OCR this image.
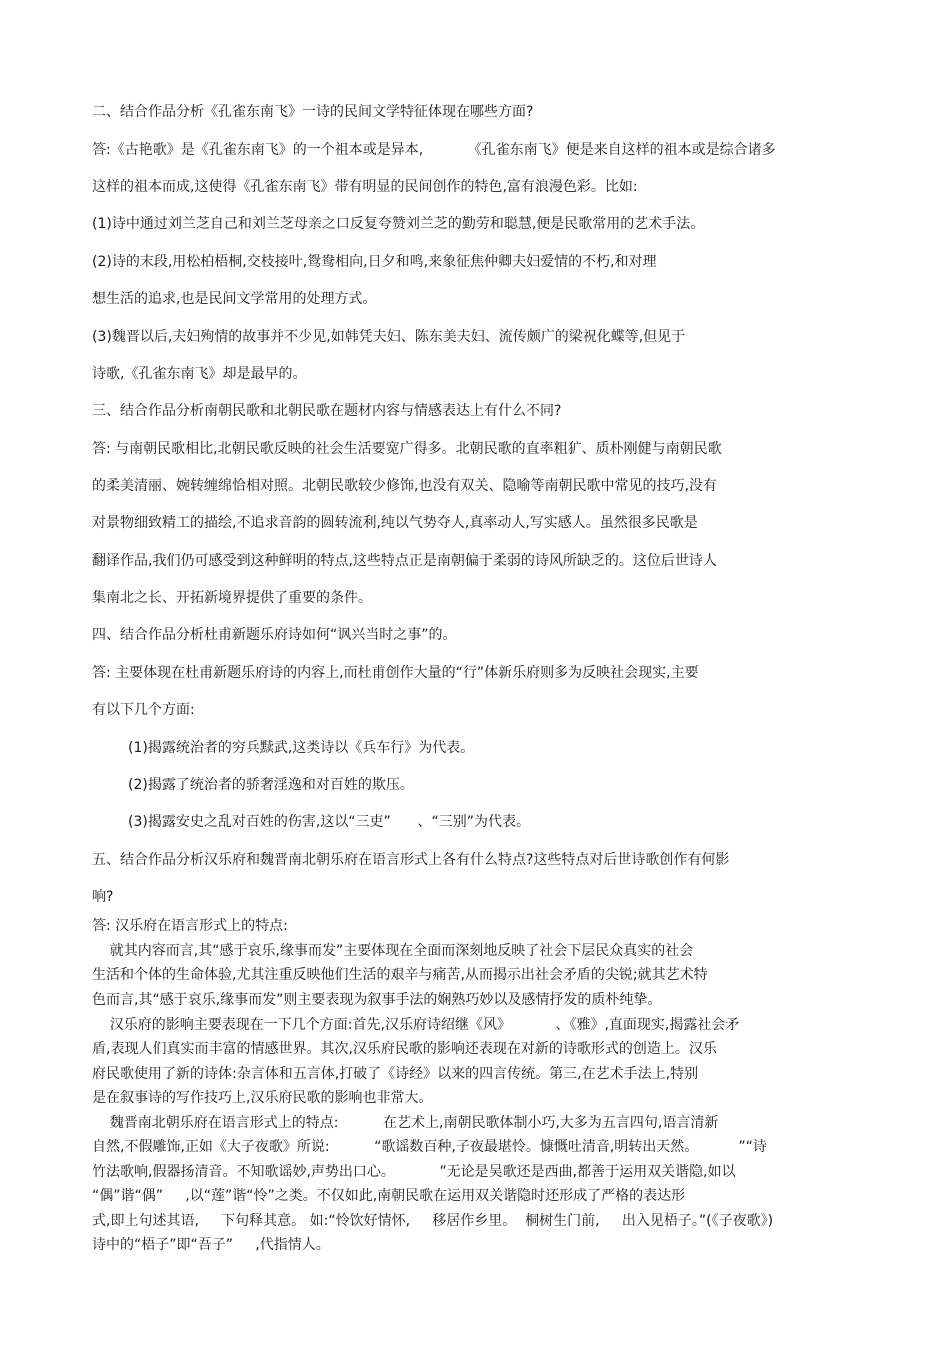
二、结合作品分析《孔雀东南飞》一诗的民间文学特征体现在哪些方面?
答:《古艳歌》是《孔雀东南飞》的一个祖本或是异本,          《孔雀东南飞》便是来自这样的祖本或是综合诸多
这样的祖本而成,这使得《孔雀东南飞》带有明显的民间创作的特色,富有浪漫色彩。比如:
(1)诗中通过刘兰芝自己和刘兰芝母亲之口反复夸赞刘兰芝的勤劳和聪慧,便是民歌常用的艺术手法。
(2)诗的末段,用松柏梧桐,交枝接叶,鸳鸯相向,日夕和鸣,来象征焦仲卿夫妇爱情的不朽,和对理
想生活的追求,也是民间文学常用的处理方式。
(3)魏晋以后,夫妇殉情的故事并不少见,如韩凭夫妇、陈东美夫妇、流传颇广的梁祝化蝶等,但见于
诗歌,《孔雀东南飞》却是最早的。
三、结合作品分析南朝民歌和北朝民歌在题材内容与情感表达上有什么不同?
答: 与南朝民歌相比,北朝民歌反映的社会生活要宽广得多。北朝民歌的直率粗犷、质朴刚健与南朝民歌
的柔美清丽、婉转缠绵恰相对照。北朝民歌较少修饰,也没有双关、隐喻等南朝民歌中常见的技巧,没有
对景物细致精工的描绘,不追求音韵的圆转流利,纯以气势夺人,真率动人,写实感人。虽然很多民歌是
翻译作品,我们仍可感受到这种鲜明的特点,这些特点正是南朝偏于柔弱的诗风所缺乏的。这位后世诗人
集南北之长、开拓新境界提供了重要的条件。
四、结合作品分析杜甫新题乐府诗如何“讽兴当时之事”的。
答: 主要体现在杜甫新题乐府诗的内容上,而杜甫创作大量的“行”体新乐府则多为反映社会现实,主要
有以下几个方面:
(1)揭露统治者的穷兵黩武,这类诗以《兵车行》为代表。
(2)揭露了统治者的骄奢淫逸和对百姓的欺压。
(3)揭露安史之乱对百姓的伤害,这以“三吏”      、“三别”为代表。
五、结合作品分析汉乐府和魏晋南北朝乐府在语言形式上各有什么特点?这些特点对后世诗歌创作有何影
响?
答: 汉乐府在语言形式上的特点:
就其内容而言,其“感于哀乐,缘事而发”主要体现在全面而深刻地反映了社会下层民众真实的社会
生活和个体的生命体验,尤其注重反映他们生活的艰辛与痛苦,从而揭示出社会矛盾的尖锐;就其艺术特
色而言,其“感于哀乐,缘事而发”则主要表现为叙事手法的娴熟巧妙以及感情抒发的质朴纯挚。
汉乐府的影响主要表现在一下几个方面:首先,汉乐府诗绍继《风》          、《雅》,直面现实,揭露社会矛
盾,表现人们真实而丰富的情感世界。其次,汉乐府民歌的影响还表现在对新的诗歌形式的创造上。汉乐
府民歌使用了新的诗体:杂言体和五言体,打破了《诗经》以来的四言传统。第三,在艺术手法上,特别
是在叙事诗的写作技巧上,汉乐府民歌的影响也非常大。
魏晋南北朝乐府在语言形式上的特点:          在艺术上,南朝民歌体制小巧,大多为五言四句,语言清新
自然,不假雕饰,正如《大子夜歌》所说:          “歌谣数百种,子夜最堪怜。慷慨吐清音,明转出天然。         ”“诗
竹法歌响,假器扬清音。不知歌谣妙,声势出口心。          ”无论是吴歌还是西曲,都善于运用双关谐隐,如以
“偶”谐“偶”     ,以“莲”谐“怜”之类。不仅如此,南朝民歌在运用双关谐隐时还形成了严格的表达形
式,即上句述其语,     下句释其意。 如:“怜饮好情怀,     移居作乡里。  桐树生门前,     出入见梧子。”(《子夜歌》)
诗中的“梧子”即“吾子”     ,代指情人。
